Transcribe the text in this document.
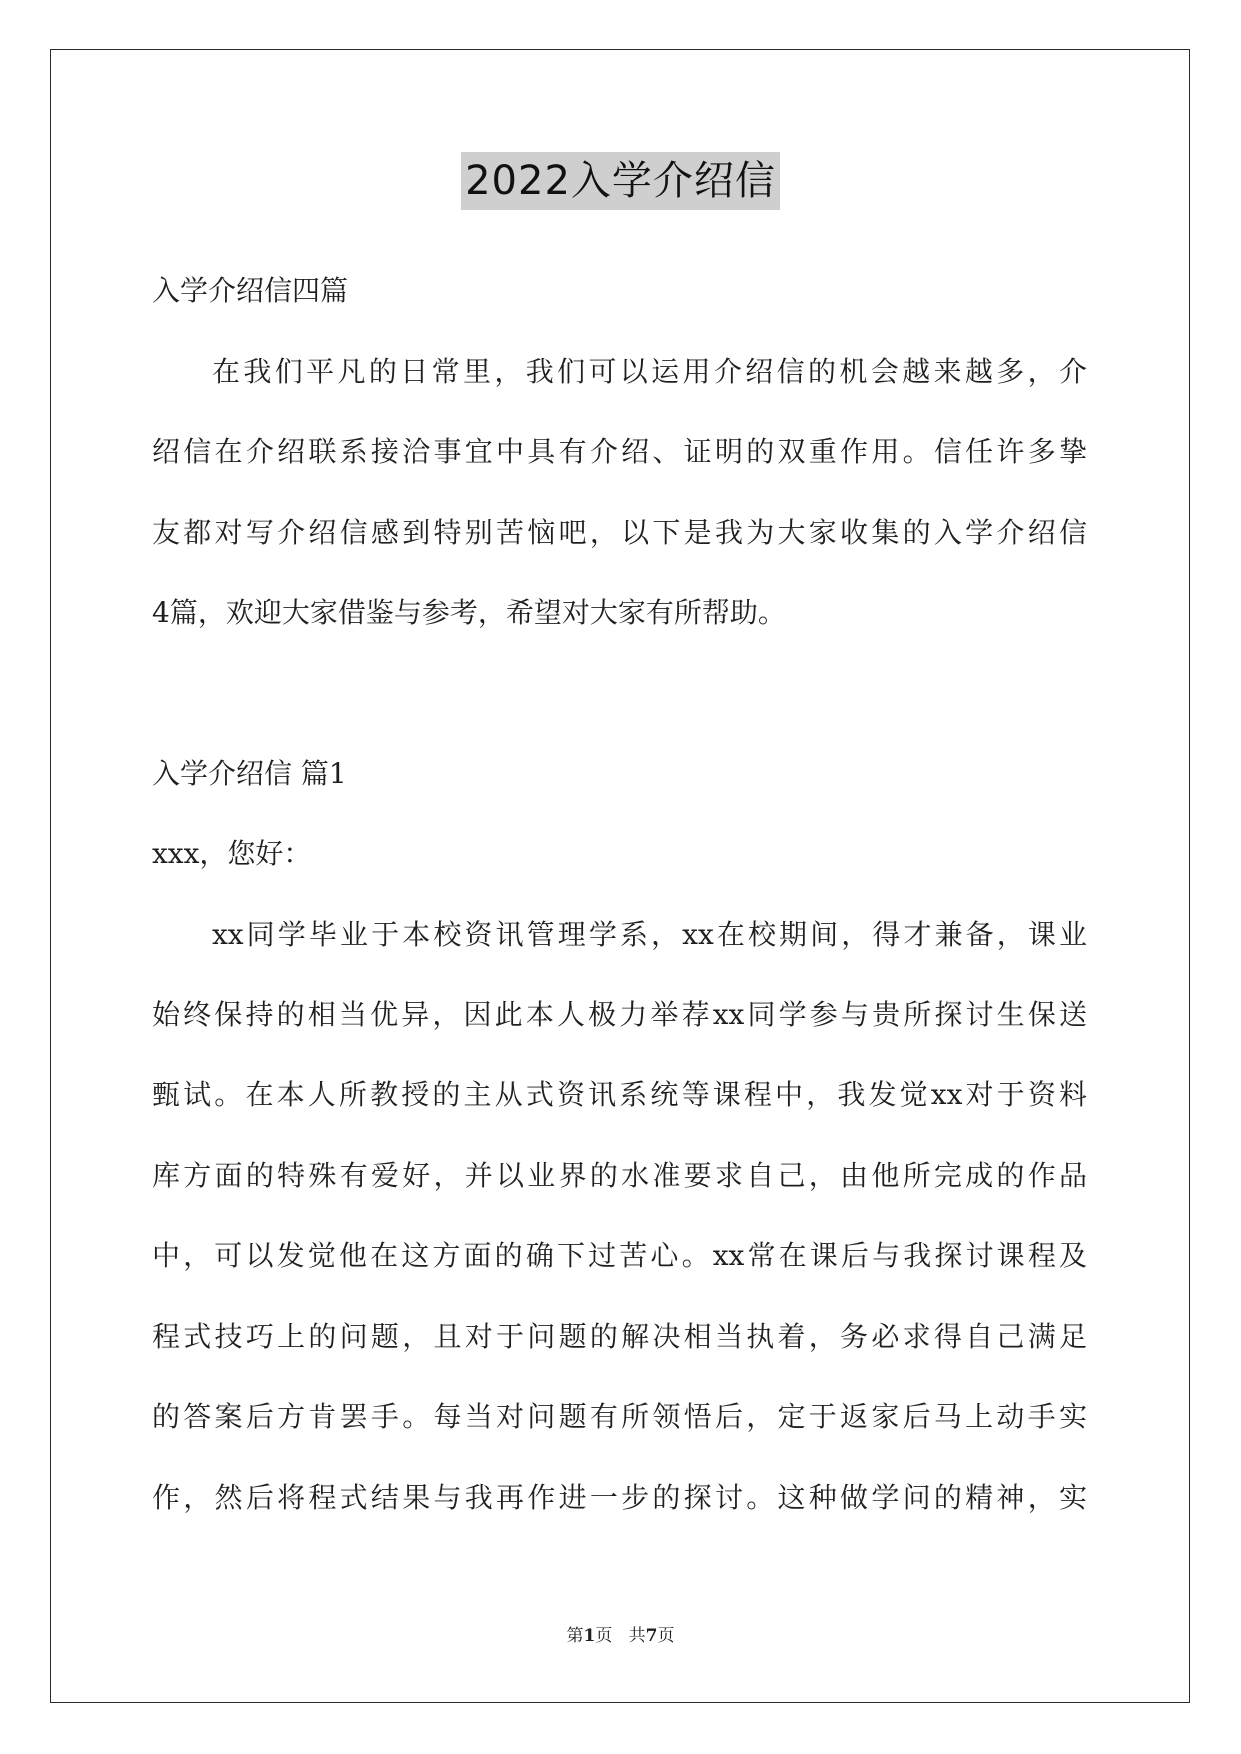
2022入学介绍信
入学介绍信四篇
在我们平凡的日常里，我们可以运用介绍信的机会越来越多，介
绍信在介绍联系接洽事宜中具有介绍、证明的双重作用。信任许多挚
友都对写介绍信感到特别苦恼吧，以下是我为大家收集的入学介绍信
4篇，欢迎大家借鉴与参考，希望对大家有所帮助。
入学介绍信 篇1
xxx，您好：
xx同学毕业于本校资讯管理学系，xx在校期间，得才兼备，课业
始终保持的相当优异，因此本人极力举荐xx同学参与贵所探讨生保送
甄试。在本人所教授的主从式资讯系统等课程中，我发觉xx对于资料
库方面的特殊有爱好，并以业界的水准要求自己，由他所完成的作品
中，可以发觉他在这方面的确下过苦心。xx常在课后与我探讨课程及
程式技巧上的问题，且对于问题的解决相当执着，务必求得自己满足
的答案后方肯罢手。每当对问题有所领悟后，定于返家后马上动手实
作，然后将程式结果与我再作进一步的探讨。这种做学问的精神，实
第1页   共7页
